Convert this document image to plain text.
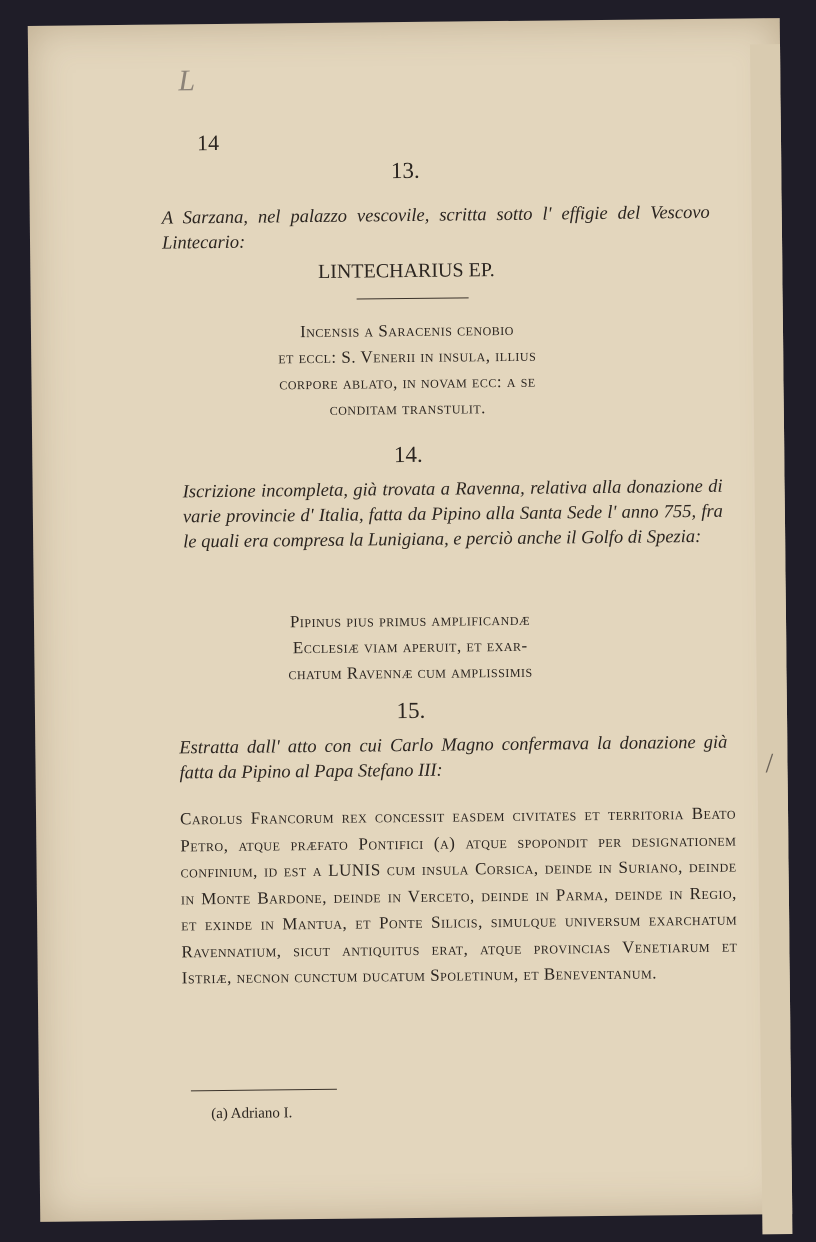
L
14
13.
A Sarzana, nel palazzo vescovile, scritta sotto l' effigie del Vescovo Lintecario:
LINTECHARIUS EP.
Incensis a Saracenis cenobio
et eccl: S. Venerii in insula, illius
corpore ablato, in novam ecc: a se
conditam transtulit.
14.
Iscrizione incompleta, già trovata a Ravenna, relativa alla donazione di varie provincie d' Italia, fatta da Pipino alla Santa Sede l' anno 755, fra le quali era compresa la Lunigiana, e perciò anche il Golfo di Spezia:
Pipinus pius primus amplificandæ
Ecclesiæ viam aperuit, et exar-
chatum Ravennæ cum amplissimis
15.
Estratta dall' atto con cui Carlo Magno confermava la donazione già fatta da Pipino al Papa Stefano III:
Carolus Francorum rex concessit easdem civitates et territoria Beato Petro, atque præfato Pontifici (a) atque spopondit per designationem confinium, id est a LUNIS cum insula Corsica, deinde in Suriano, deinde in Monte Bardone, deinde in Verceto, deinde in Parma, deinde in Regio, et exinde in Mantua, et Ponte Silicis, simulque universum exarchatum Ravennatium, sicut antiquitus erat, atque provincias Venetiarum et Istriæ, necnon cunctum ducatum Spoletinum, et Beneventanum.
(a) Adriano I.
/
